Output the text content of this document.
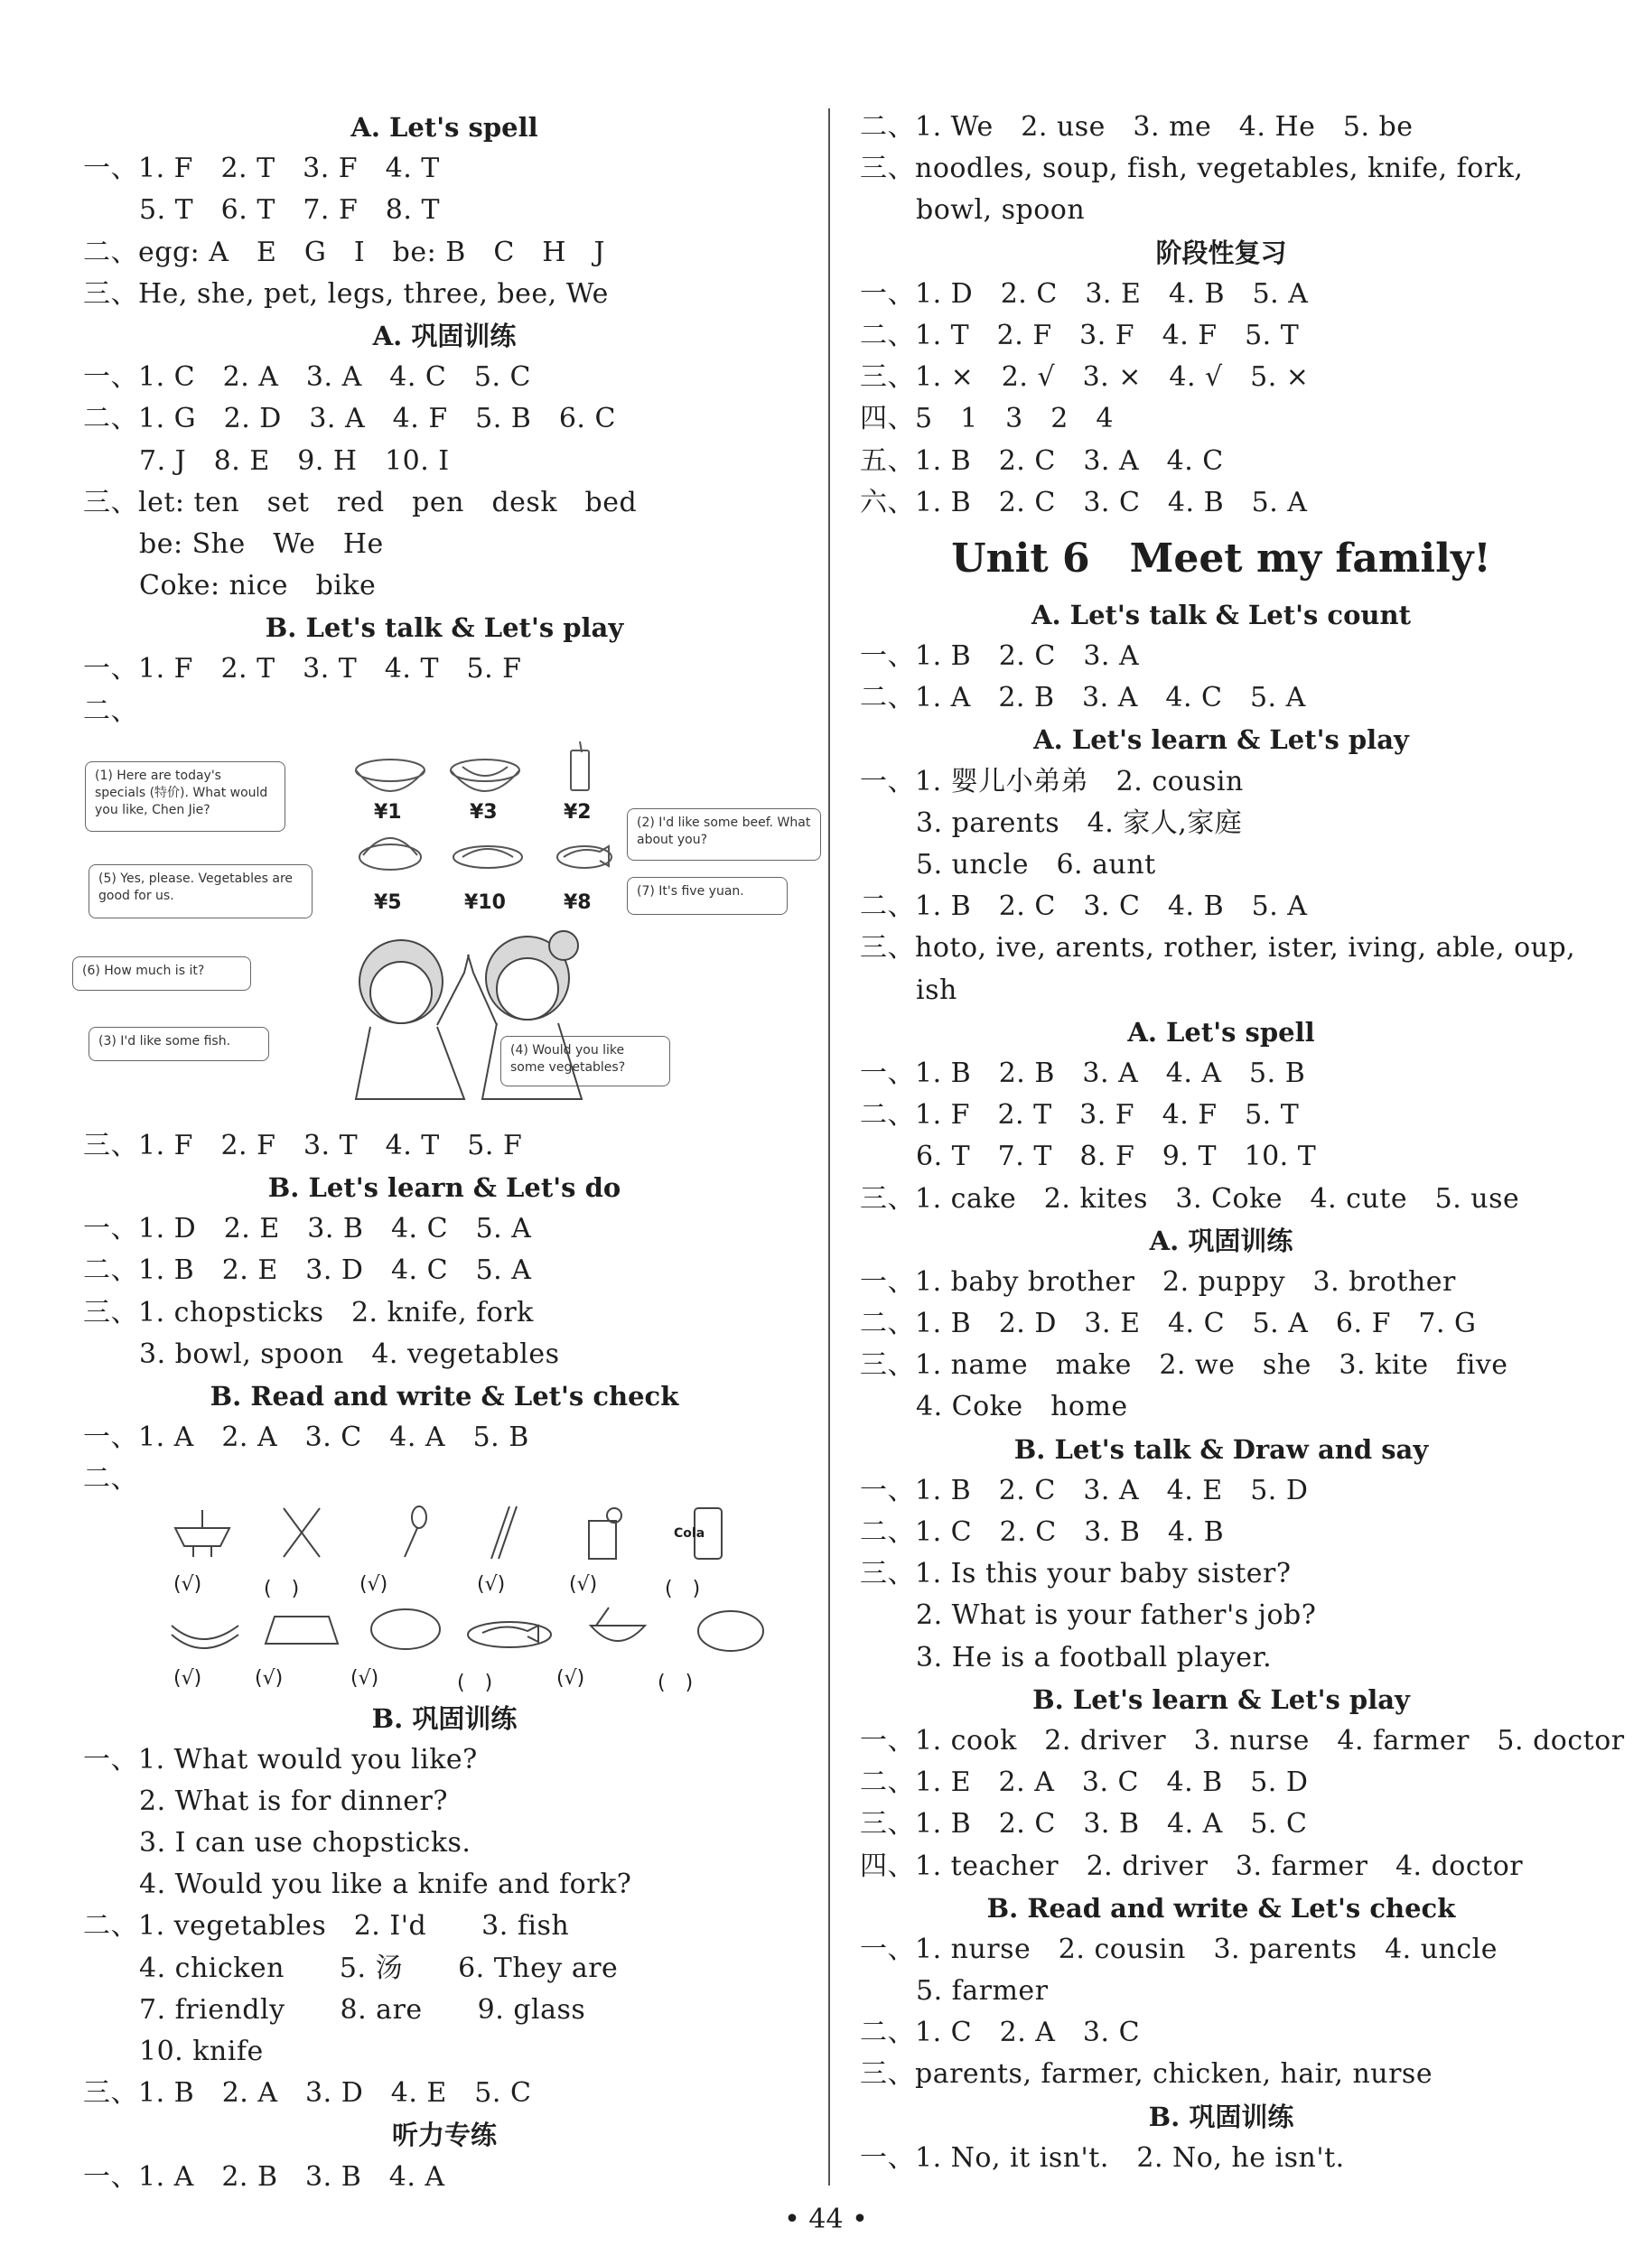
A. Let's spell
一、1. F　2. T　3. F　4. T
5. T　6. T　7. F　8. T
二、egg: A　E　G　I　be: B　C　H　J
三、He, she, pet, legs, three, bee, We
A. 巩固训练
一、1. C　2. A　3. A　4. C　5. C
二、1. G　2. D　3. A　4. F　5. B　6. C
7. J　8. E　9. H　10. I
三、let: ten　set　red　pen　desk　bed
be: She　We　He
Coke: nice　bike
B. Let's talk & Let's play
一、1. F　2. T　3. T　4. T　5. F
二、
(1) Here are today's specials (特价). What would you like, Chen Jie?
(2) I'd like some beef. What about you?
(5) Yes, please. Vegetables are good for us.	(7) It's five yuan.
(6) How much is it?
(3) I'd like some fish.
(4) Would you like some vegetables?
¥1	¥3	¥2
¥5	¥10	¥8
三、1. F　2. F　3. T　4. T　5. F
B. Let's learn & Let's do
一、1. D　2. E　3. B　4. C　5. A
二、1. B　2. E　3. D　4. C　5. A
三、1. chopsticks　2. knife, fork
3. bowl, spoon　4. vegetables
B. Read and write & Let's check
一、1. A　2. A　3. C　4. A　5. B
二、
Cola
(√)	(　)	(√)	(√)	(√)	(　)
(√)	(√)	(√)	(　)	(√)	(　)
B. 巩固训练
一、1. What would you like?
2. What is for dinner?
3. I can use chopsticks.
4. Would you like a knife and fork?
二、1. vegetables　2. I'd　　3. fish
4. chicken　　5. 汤　　6. They are
7. friendly　　8. are　　9. glass
10. knife
三、1. B　2. A　3. D　4. E　5. C
听力专练
一、1. A　2. B　3. B　4. A
二、1. We　2. use　3. me　4. He　5. be
三、noodles, soup, fish, vegetables, knife, fork,
bowl, spoon
阶段性复习
一、1. D　2. C　3. E　4. B　5. A
二、1. T　2. F　3. F　4. F　5. T
三、1. ×　2. √　3. ×　4. √　5. ×
四、5　1　3　2　4
五、1. B　2. C　3. A　4. C
六、1. B　2. C　3. C　4. B　5. A
Unit 6　Meet my family!
A. Let's talk & Let's count
一、1. B　2. C　3. A
二、1. A　2. B　3. A　4. C　5. A
A. Let's learn & Let's play
一、1. 婴儿小弟弟　2. cousin
3. parents　4. 家人,家庭
5. uncle　6. aunt
二、1. B　2. C　3. C　4. B　5. A
三、hoto, ive, arents, rother, ister, iving, able, oup,
ish
A. Let's spell
一、1. B　2. B　3. A　4. A　5. B
二、1. F　2. T　3. F　4. F　5. T
6. T　7. T　8. F　9. T　10. T
三、1. cake　2. kites　3. Coke　4. cute　5. use
A. 巩固训练
一、1. baby brother　2. puppy　3. brother
二、1. B　2. D　3. E　4. C　5. A　6. F　7. G
三、1. name　make　2. we　she　3. kite　five
4. Coke　home
B. Let's talk & Draw and say
一、1. B　2. C　3. A　4. E　5. D
二、1. C　2. C　3. B　4. B
三、1. Is this your baby sister?
2. What is your father's job?
3. He is a football player.
B. Let's learn & Let's play
一、1. cook　2. driver　3. nurse　4. farmer　5. doctor
二、1. E　2. A　3. C　4. B　5. D
三、1. B　2. C　3. B　4. A　5. C
四、1. teacher　2. driver　3. farmer　4. doctor
B. Read and write & Let's check
一、1. nurse　2. cousin　3. parents　4. uncle
5. farmer
二、1. C　2. A　3. C
三、parents, farmer, chicken, hair, nurse
B. 巩固训练
一、1. No, it isn't.　2. No, he isn't.
• 44 •
